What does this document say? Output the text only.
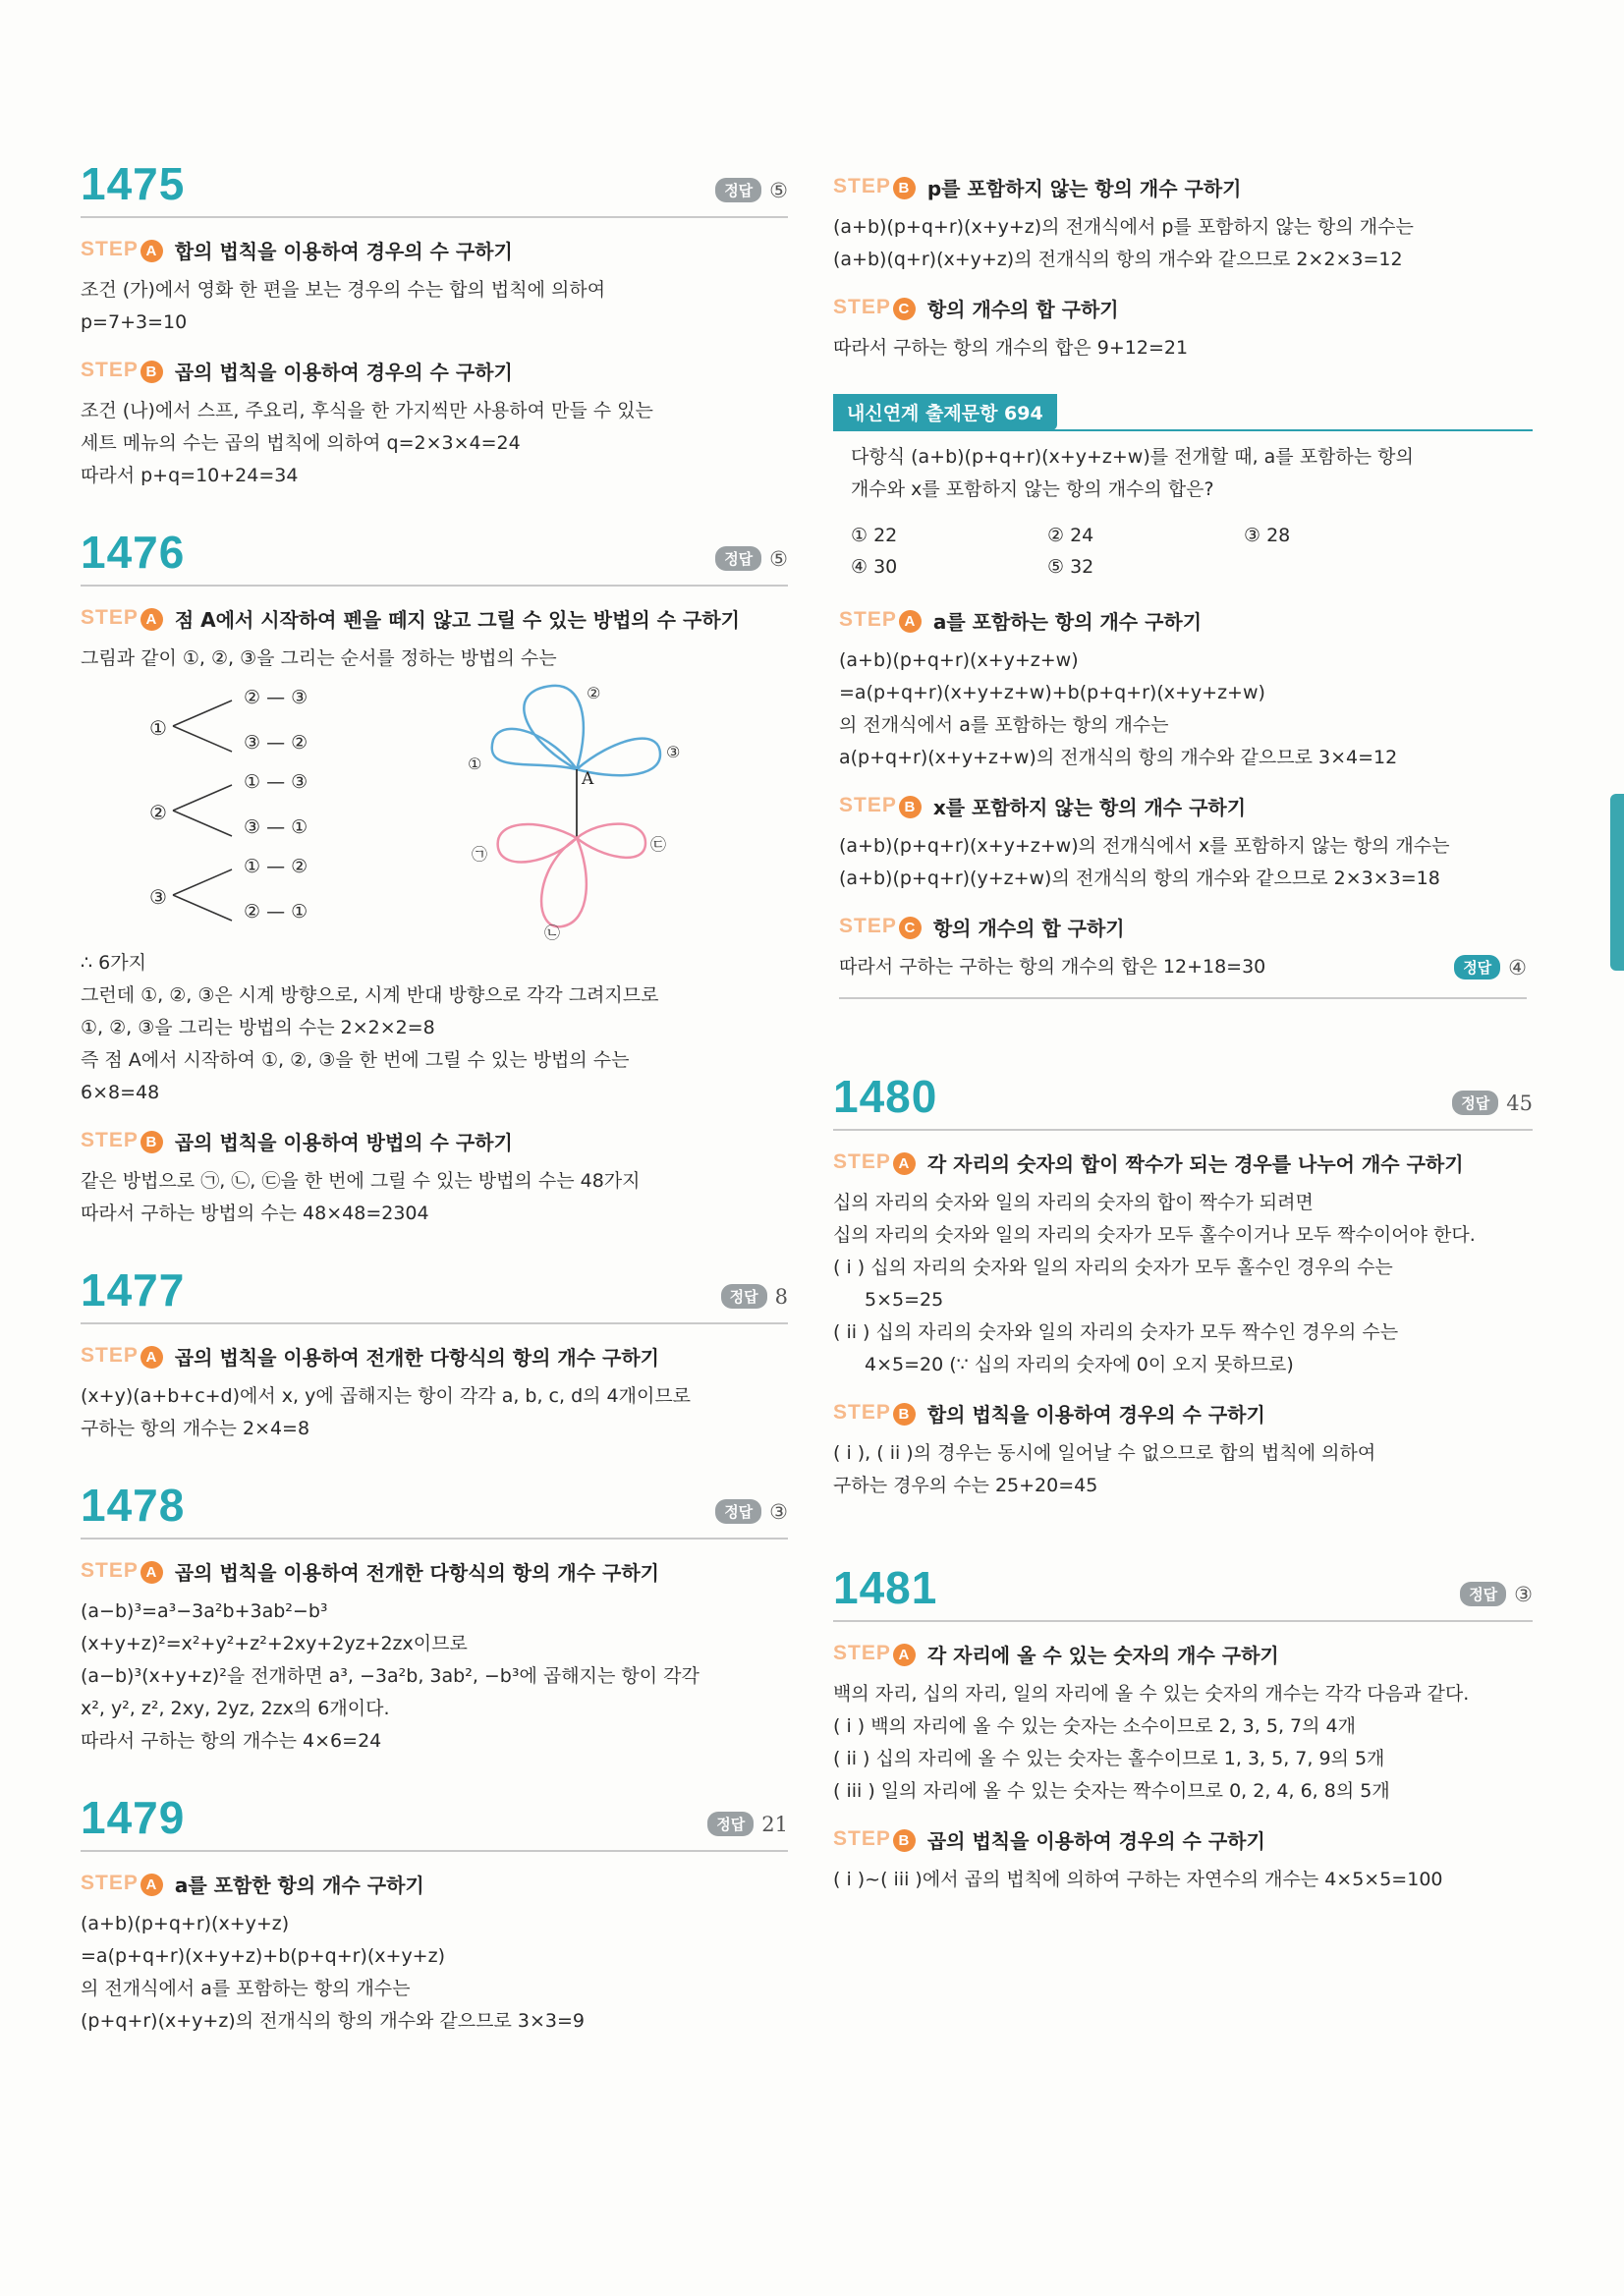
1475	정답 ⑤
STEP A 합의 법칙을 이용하여 경우의 수 구하기
조건 (가)에서 영화 한 편을 보는 경우의 수는 합의 법칙에 의하여
p=7+3=10
STEP B 곱의 법칙을 이용하여 경우의 수 구하기
조건 (나)에서 스프, 주요리, 후식을 한 가지씩만 사용하여 만들 수 있는
세트 메뉴의 수는 곱의 법칙에 의하여 q=2×3×4=24
따라서 p+q=10+24=34
1476	정답 ⑤
STEP A 점 A에서 시작하여 펜을 떼지 않고 그릴 수 있는 방법의 수 구하기
그림과 같이 ①, ②, ③을 그리는 순서를 정하는 방법의 수는
①
② — ③
③ — ②
②
① — ③
③ — ①
③
① — ②
② — ①
A
①
②
③
㉠
㉡
㉢
∴ 6가지
그런데 ①, ②, ③은 시계 방향으로, 시계 반대 방향으로 각각 그려지므로
①, ②, ③을 그리는 방법의 수는 2×2×2=8
즉 점 A에서 시작하여 ①, ②, ③을 한 번에 그릴 수 있는 방법의 수는
6×8=48
STEP B 곱의 법칙을 이용하여 방법의 수 구하기
같은 방법으로 ㉠, ㉡, ㉢을 한 번에 그릴 수 있는 방법의 수는 48가지
따라서 구하는 방법의 수는 48×48=2304
1477	정답 8
STEP A 곱의 법칙을 이용하여 전개한 다항식의 항의 개수 구하기
(x+y)(a+b+c+d)에서 x, y에 곱해지는 항이 각각 a, b, c, d의 4개이므로
구하는 항의 개수는 2×4=8
1478	정답 ③
STEP A 곱의 법칙을 이용하여 전개한 다항식의 항의 개수 구하기
(a−b)³=a³−3a²b+3ab²−b³
(x+y+z)²=x²+y²+z²+2xy+2yz+2zx이므로
(a−b)³(x+y+z)²을 전개하면 a³, −3a²b, 3ab², −b³에 곱해지는 항이 각각
x², y², z², 2xy, 2yz, 2zx의 6개이다.
따라서 구하는 항의 개수는 4×6=24
1479	정답 21
STEP A a를 포함한 항의 개수 구하기
(a+b)(p+q+r)(x+y+z)
=a(p+q+r)(x+y+z)+b(p+q+r)(x+y+z)
의 전개식에서 a를 포함하는 항의 개수는
(p+q+r)(x+y+z)의 전개식의 항의 개수와 같으므로 3×3=9
STEP B p를 포함하지 않는 항의 개수 구하기
(a+b)(p+q+r)(x+y+z)의 전개식에서 p를 포함하지 않는 항의 개수는
(a+b)(q+r)(x+y+z)의 전개식의 항의 개수와 같으므로 2×2×3=12
STEP C 항의 개수의 합 구하기
따라서 구하는 항의 개수의 합은 9+12=21
내신연계 출제문항 694
다항식 (a+b)(p+q+r)(x+y+z+w)를 전개할 때, a를 포함하는 항의
개수와 x를 포함하지 않는 항의 개수의 합은?
① 22	② 24	③ 28
④ 30	⑤ 32
STEP A a를 포함하는 항의 개수 구하기
(a+b)(p+q+r)(x+y+z+w)
=a(p+q+r)(x+y+z+w)+b(p+q+r)(x+y+z+w)
의 전개식에서 a를 포함하는 항의 개수는
a(p+q+r)(x+y+z+w)의 전개식의 항의 개수와 같으므로 3×4=12
STEP B x를 포함하지 않는 항의 개수 구하기
(a+b)(p+q+r)(x+y+z+w)의 전개식에서 x를 포함하지 않는 항의 개수는
(a+b)(p+q+r)(y+z+w)의 전개식의 항의 개수와 같으므로 2×3×3=18
STEP C 항의 개수의 합 구하기
따라서 구하는 구하는 항의 개수의 합은 12+18=30	정답 ④
1480	정답 45
STEP A 각 자리의 숫자의 합이 짝수가 되는 경우를 나누어 개수 구하기
십의 자리의 숫자와 일의 자리의 숫자의 합이 짝수가 되려면
십의 자리의 숫자와 일의 자리의 숫자가 모두 홀수이거나 모두 짝수이어야 한다.
( i ) 십의 자리의 숫자와 일의 자리의 숫자가 모두 홀수인 경우의 수는
5×5=25
( ii ) 십의 자리의 숫자와 일의 자리의 숫자가 모두 짝수인 경우의 수는
4×5=20 (∵ 십의 자리의 숫자에 0이 오지 못하므로)
STEP B 합의 법칙을 이용하여 경우의 수 구하기
( i ), ( ii )의 경우는 동시에 일어날 수 없으므로 합의 법칙에 의하여
구하는 경우의 수는 25+20=45
1481	정답 ③
STEP A 각 자리에 올 수 있는 숫자의 개수 구하기
백의 자리, 십의 자리, 일의 자리에 올 수 있는 숫자의 개수는 각각 다음과 같다.
( i ) 백의 자리에 올 수 있는 숫자는 소수이므로 2, 3, 5, 7의 4개
( ii ) 십의 자리에 올 수 있는 숫자는 홀수이므로 1, 3, 5, 7, 9의 5개
( iii ) 일의 자리에 올 수 있는 숫자는 짝수이므로 0, 2, 4, 6, 8의 5개
STEP B 곱의 법칙을 이용하여 경우의 수 구하기
( i )~( iii )에서 곱의 법칙에 의하여 구하는 자연수의 개수는 4×5×5=100
